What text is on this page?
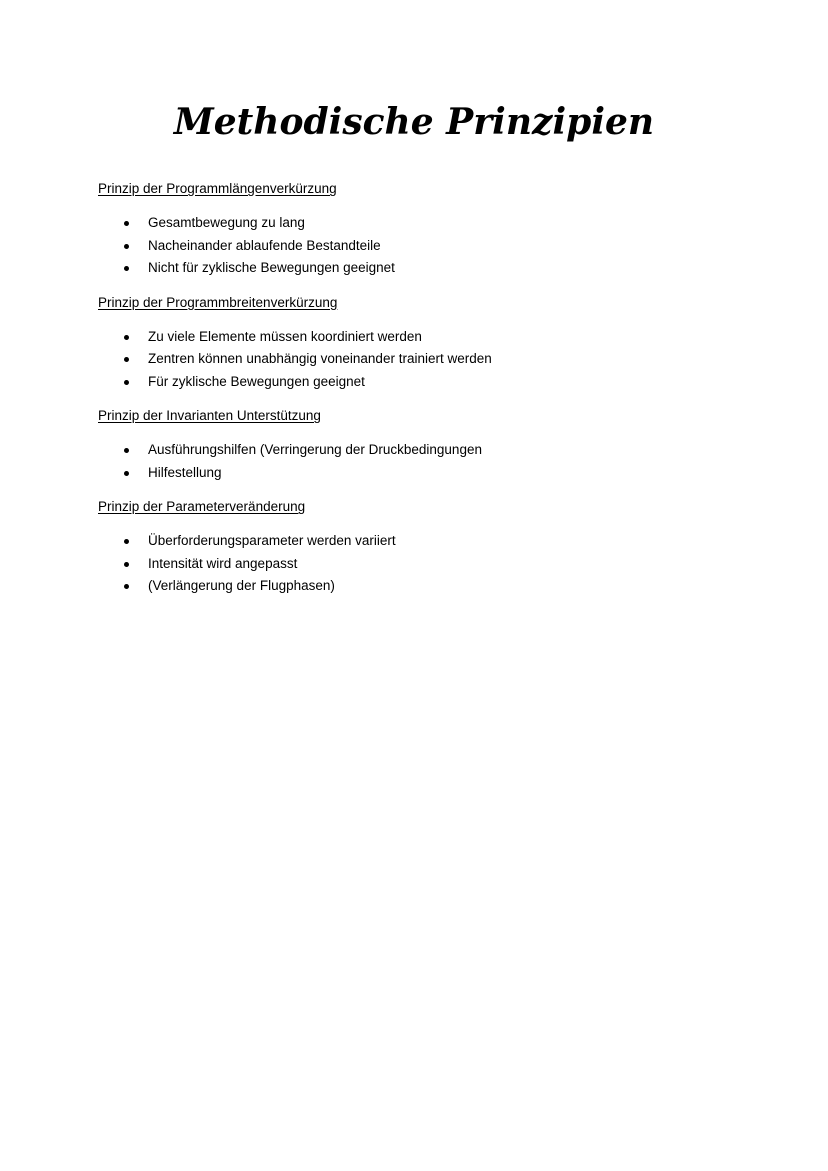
Methodische Prinzipien
Prinzip der Programmlängenverkürzung
Gesamtbewegung zu lang
Nacheinander ablaufende Bestandteile
Nicht für zyklische Bewegungen geeignet
Prinzip der Programmbreitenverkürzung
Zu viele Elemente müssen koordiniert werden
Zentren können unabhängig voneinander trainiert werden
Für zyklische Bewegungen geeignet
Prinzip der Invarianten Unterstützung
Ausführungshilfen (Verringerung der Druckbedingungen
Hilfestellung
Prinzip der Parameterveränderung
Überforderungsparameter werden variiert
Intensität wird angepasst
(Verlängerung der Flugphasen)
